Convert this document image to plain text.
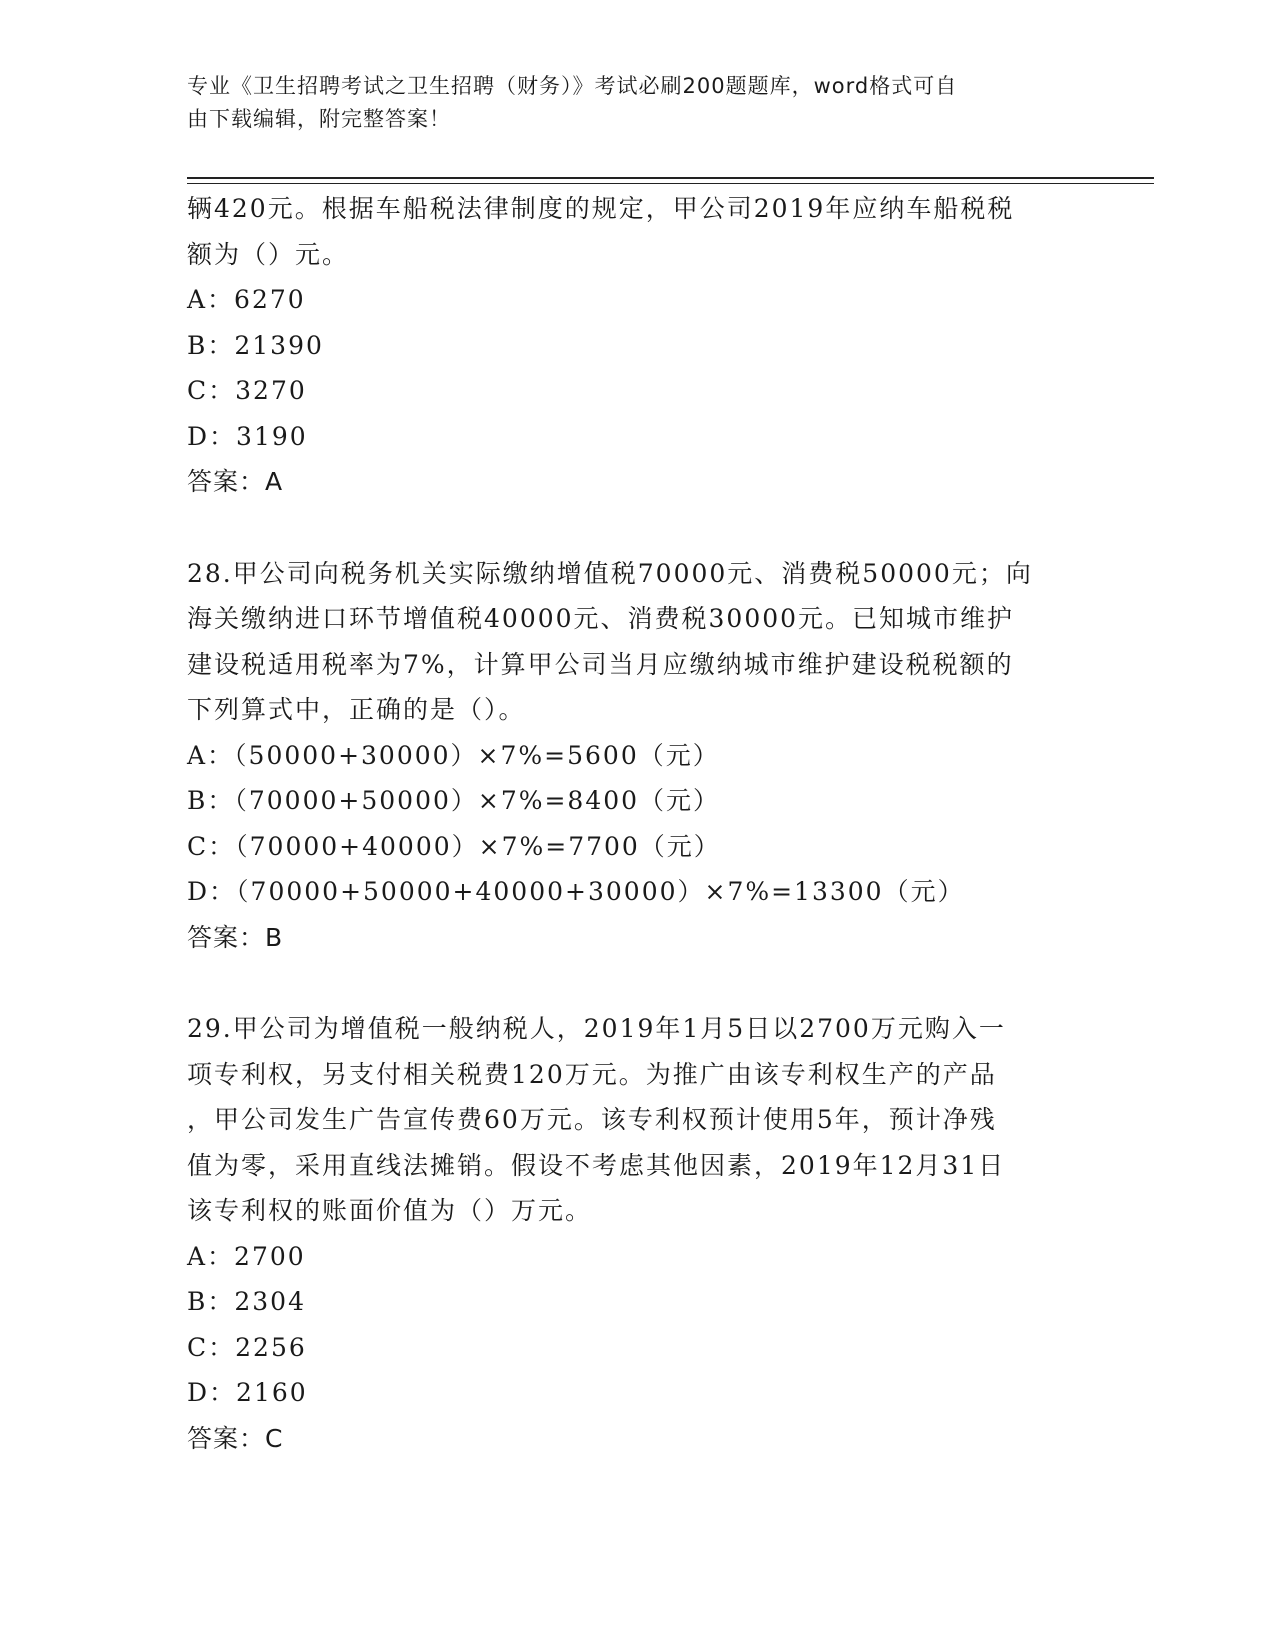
专业《卫生招聘考试之卫生招聘（财务）》考试必刷200题题库，word格式可自
由下载编辑，附完整答案！
辆420元。根据车船税法律制度的规定，甲公司2019年应纳车船税税
额为（）元。
A：6270
B：21390
C：3270
D：3190
答案：A
28.甲公司向税务机关实际缴纳增值税70000元、消费税50000元；向
海关缴纳进口环节增值税40000元、消费税30000元。已知城市维护
建设税适用税率为7%，计算甲公司当月应缴纳城市维护建设税税额的
下列算式中，正确的是（）。
A：（50000+30000）×7%=5600（元）
B：（70000+50000）×7%=8400（元）
C：（70000+40000）×7%=7700（元）
D：（70000+50000+40000+30000）×7%=13300（元）
答案：B
29.甲公司为增值税一般纳税人，2019年1月5日以2700万元购入一
项专利权，另支付相关税费120万元。为推广由该专利权生产的产品
，甲公司发生广告宣传费60万元。该专利权预计使用5年，预计净残
值为零，采用直线法摊销。假设不考虑其他因素，2019年12月31日
该专利权的账面价值为（）万元。
A：2700
B：2304
C：2256
D：2160
答案：C
